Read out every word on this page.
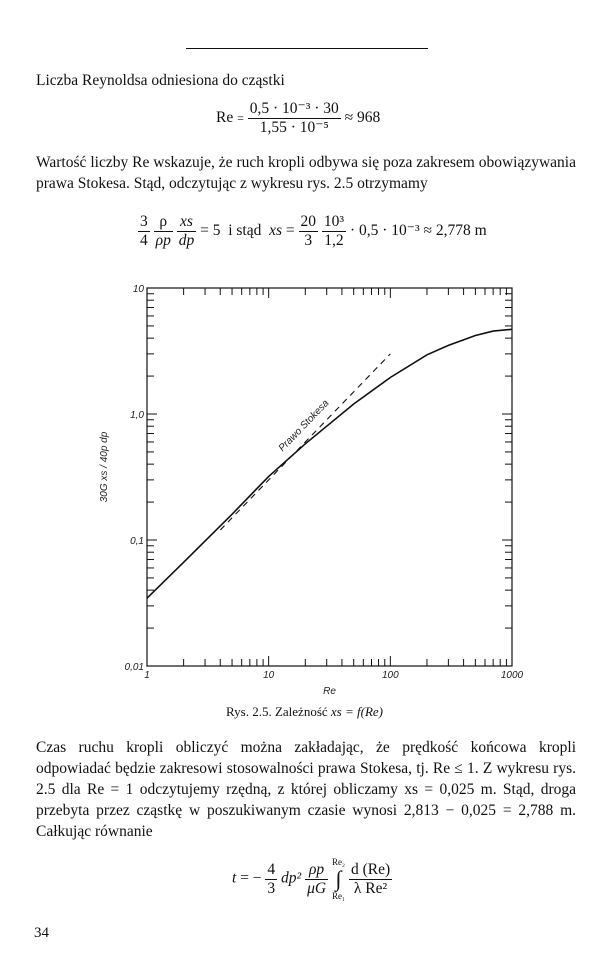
Liczba Reynoldsa odniesiona do cząstki
$Re = \frac{\text{0,5 · 10⁻³ · 30}}{\text{1,55 · 10⁻⁵}} \approx 968$
Wartość liczby Re wskazuje, że ruch kropli odbywa się poza zakresem obowiązywania prawa Stokesa. Stąd, odczytując z wykresu rys. 2.5 otrzymamy
$\frac{3}{4}$
$\frac{\rho}{\rho p}$
$\frac{xs}{dp} = 5$ i stąd xs = $\frac{20}{3}$
$\frac{\text{10³}}{1,2} \cdot 0,5 \cdot 10^{-3} \approx 2,778$ m
1	10	100	1000
0,01
0,1
1,0
10
Prawo Stokesa
Re
30G xs / 40p dp
Rys. 2.5. Zależność xs = f(Re)
Czas ruchu kropli obliczyć można zakładając, że prędkość końcowa kropli odpowiadać będzie zakresowi stosowalności prawa Stokesa, tj. Re ≤ 1. Z wykresu rys. 2.5 dla Re = 1 odczytujemy rzędną, z której obliczamy xs = 0,025 m. Stąd, droga przebyta przez cząstkę w poszukiwanym czasie wynosi 2,813 − 0,025 = 2,788 m. Całkując równanie
t = − $\frac{4}{3} dp^2 \frac{\rho p}{\mu G}$
Re₂
∫
Re₁
$\frac{d (Re)}{\text{λ Re²}}$
34
